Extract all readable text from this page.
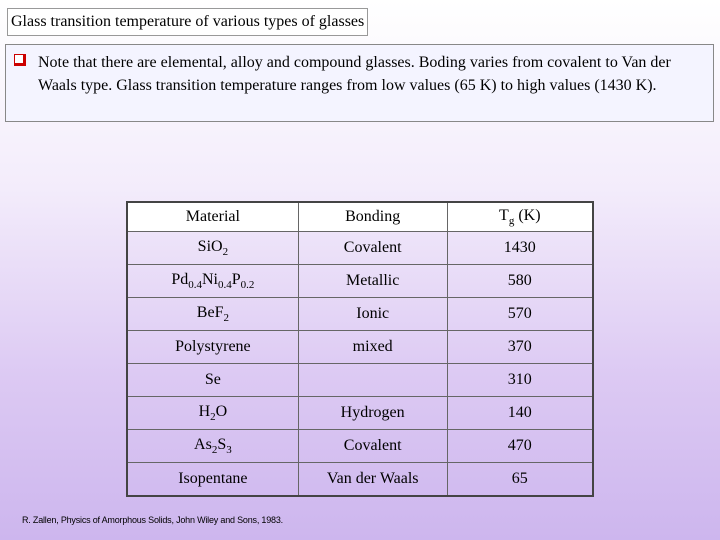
Glass transition temperature of various types of glasses
Note that there are elemental, alloy and compound glasses. Boding varies from covalent to Van der Waals type. Glass transition temperature ranges from low values (65 K) to high values (1430 K).
Material	Bonding	$T_g$ (K)
SiO$_2$	Covalent	1430
$Pd_{0.4}Ni_{0.4}P_{0.2}$	Metallic	580
BeF$_2$	Ionic	570
Polystyrene	mixed	370
Se		310
$H_2O$	Hydrogen	140
$As_2S_3$	Covalent	470
Isopentane	Van der Waals	65
R. Zallen, Physics of Amorphous Solids, John Wiley and Sons, 1983.
